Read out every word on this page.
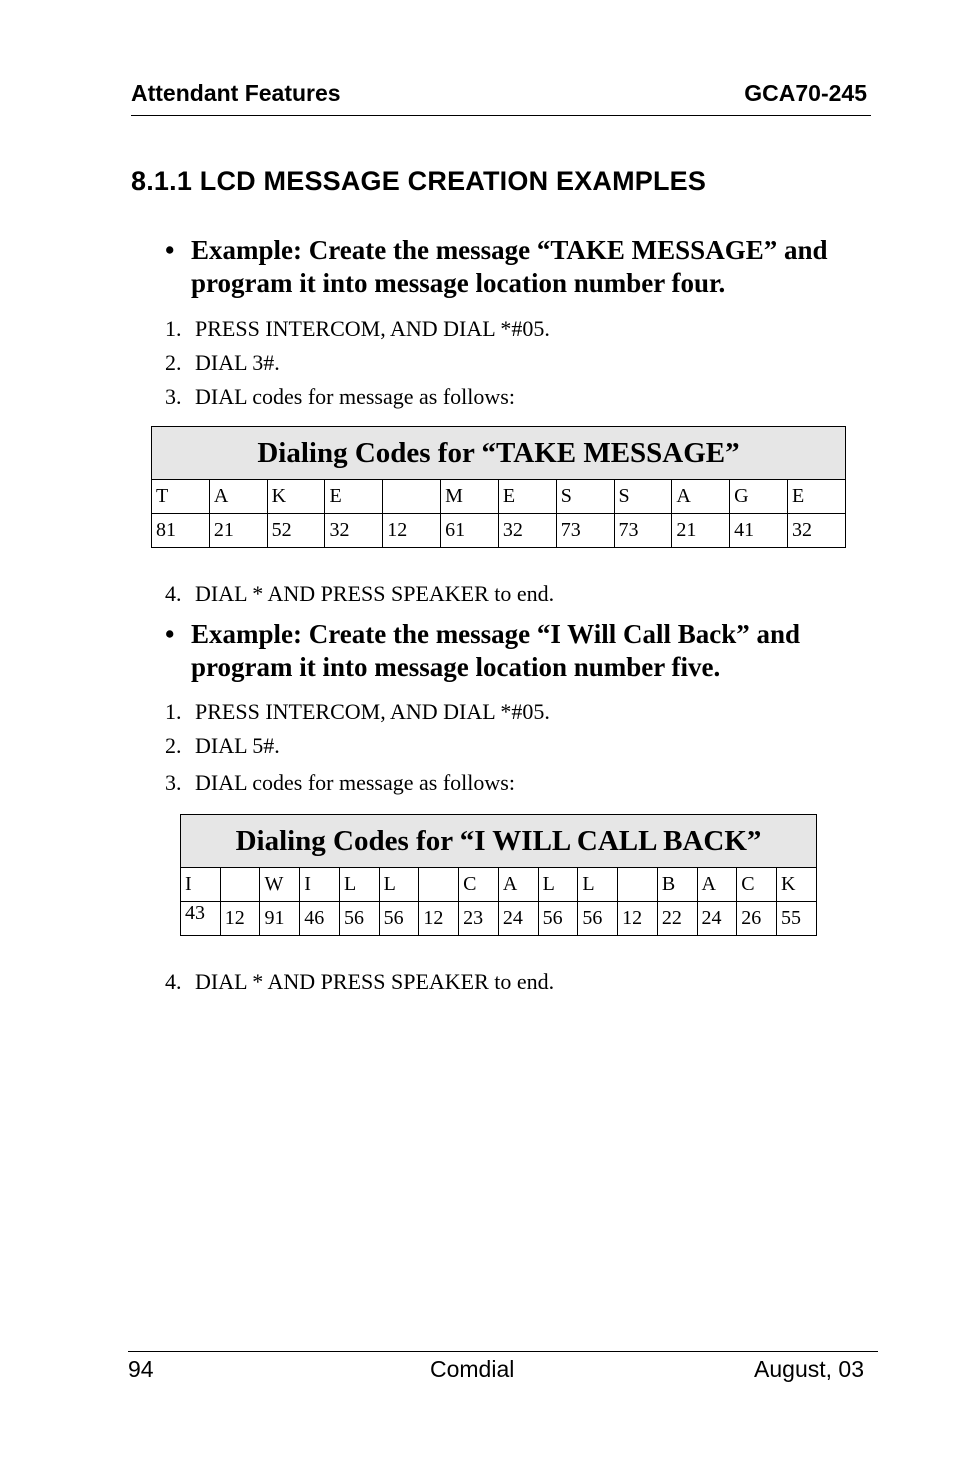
Attendant Features	GCA70-245
8.1.1 LCD MESSAGE CREATION EXAMPLES
• Example: Create the message “TAKE MESSAGE” and
program it into message location number four.
1. PRESS INTERCOM, AND DIAL *#05.
2. DIAL 3#.
3. DIAL codes for message as follows:
Dialing Codes for “TAKE MESSAGE”											
T	A	K	E		M	E	S	S	A	G	E
81	21	52	32	12	61	32	73	73	21	41	32
4. DIAL * AND PRESS SPEAKER to end.
• Example: Create the message “I Will Call Back” and
program it into message location number five.
1. PRESS INTERCOM, AND DIAL *#05.
2. DIAL 5#.
3. DIAL codes for message as follows:
Dialing Codes for “I WILL CALL BACK”															
I		W	I	L	L		C	A	L	L		B	A	C	K
43	12	91	46	56	56	12	23	24	56	56	12	22	24	26	55
4. DIAL * AND PRESS SPEAKER to end.
94	Comdial	August, 03
